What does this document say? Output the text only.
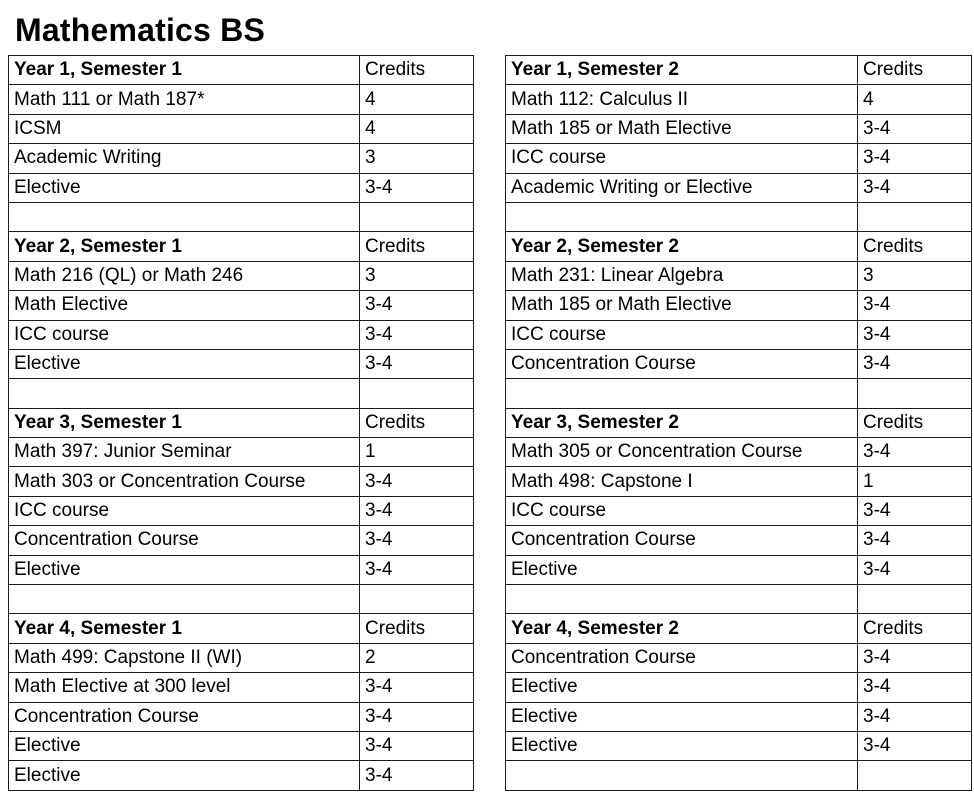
Mathematics BS
Year 1, Semester 1	Credits
Math 111 or Math 187*	4
ICSM	4
Academic Writing	3
Elective	3-4

Year 2, Semester 1	Credits
Math 216 (QL) or Math 246	3
Math Elective	3-4
ICC course	3-4
Elective	3-4

Year 3, Semester 1	Credits
Math 397: Junior Seminar	1
Math 303 or Concentration Course	3-4
ICC course	3-4
Concentration Course	3-4
Elective	3-4

Year 4, Semester 1	Credits
Math 499: Capstone II (WI)	2
Math Elective at 300 level	3-4
Concentration Course	3-4
Elective	3-4
Elective	3-4
Year 1, Semester 2	Credits
Math 112: Calculus II	4
Math 185 or Math Elective	3-4
ICC course	3-4
Academic Writing or Elective	3-4

Year 2, Semester 2	Credits
Math 231: Linear Algebra	3
Math 185 or Math Elective	3-4
ICC course	3-4
Concentration Course	3-4

Year 3, Semester 2	Credits
Math 305 or Concentration Course	3-4
Math 498: Capstone I	1
ICC course	3-4
Concentration Course	3-4
Elective	3-4

Year 4, Semester 2	Credits
Concentration Course	3-4
Elective	3-4
Elective	3-4
Elective	3-4
